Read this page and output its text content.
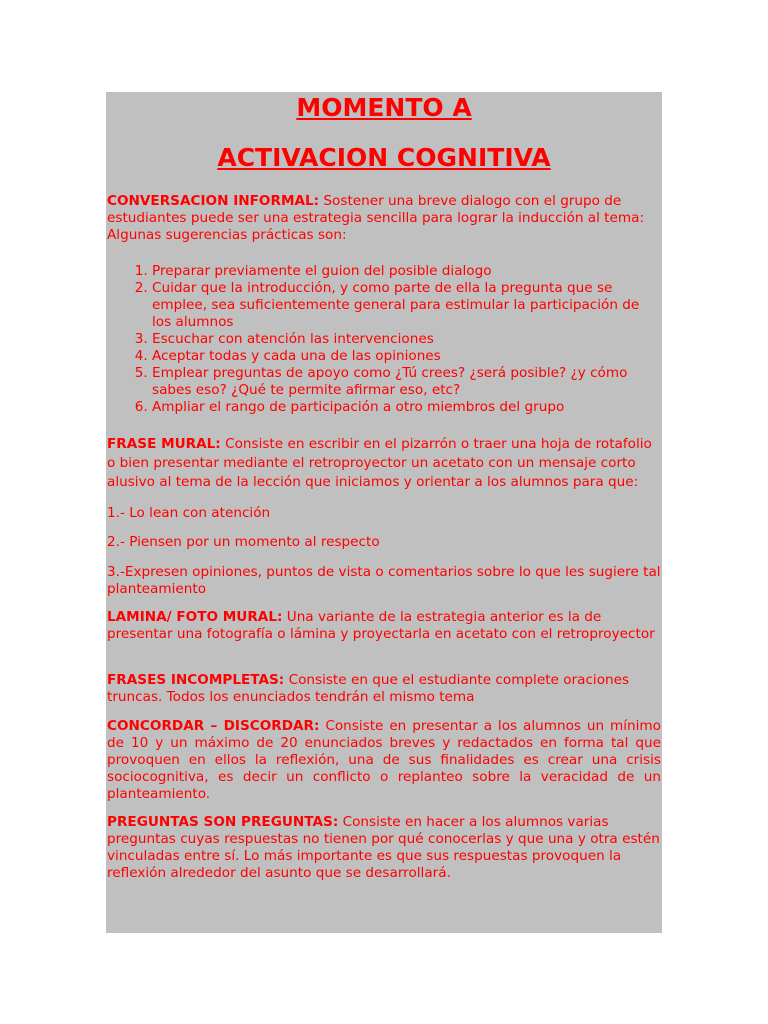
MOMENTO A
ACTIVACION COGNITIVA

CONVERSACION INFORMAL: Sostener una breve dialogo con el grupo de estudiantes puede ser una estrategia sencilla para lograr la inducción al tema: Algunas sugerencias prácticas son:

1. Preparar previamente el guion del posible dialogo
2. Cuidar que la introducción, y como parte de ella la pregunta que se emplee, sea suficientemente general para estimular la participación de los alumnos
3. Escuchar con atención las intervenciones
4. Aceptar todas y cada una de las opiniones
5. Emplear preguntas de apoyo como ¿Tú crees? ¿será posible? ¿y cómo sabes eso? ¿Qué te permite afirmar eso, etc?
6. Ampliar el rango de participación a otro miembros del grupo

FRASE MURAL: Consiste en escribir en el pizarrón o traer una hoja de rotafolio o bien presentar mediante el retroproyector un acetato con un mensaje corto alusivo al tema de la lección que iniciamos y orientar a los alumnos para que:

1.- Lo lean con atención

2.- Piensen por un momento al respecto

3.-Expresen opiniones, puntos de vista o comentarios sobre lo que les sugiere tal planteamiento

LAMINA/ FOTO MURAL: Una variante de la estrategia anterior es la de presentar una fotografía o lámina y proyectarla en acetato con el retroproyector

FRASES INCOMPLETAS: Consiste en que el estudiante complete oraciones truncas. Todos los enunciados tendrán el mismo tema

CONCORDAR – DISCORDAR: Consiste en presentar a los alumnos un mínimo de 10 y un máximo de 20 enunciados breves y redactados en forma tal que provoquen en ellos la reflexión, una de sus finalidades es crear una crisis sociocognitiva, es decir un conflicto o replanteo sobre la veracidad de un planteamiento.

PREGUNTAS SON PREGUNTAS: Consiste en hacer a los alumnos varias preguntas cuyas respuestas no tienen por qué conocerlas y que una y otra estén vinculadas entre sí. Lo más importante es que sus respuestas provoquen la reflexión alrededor del asunto que se desarrollará.
